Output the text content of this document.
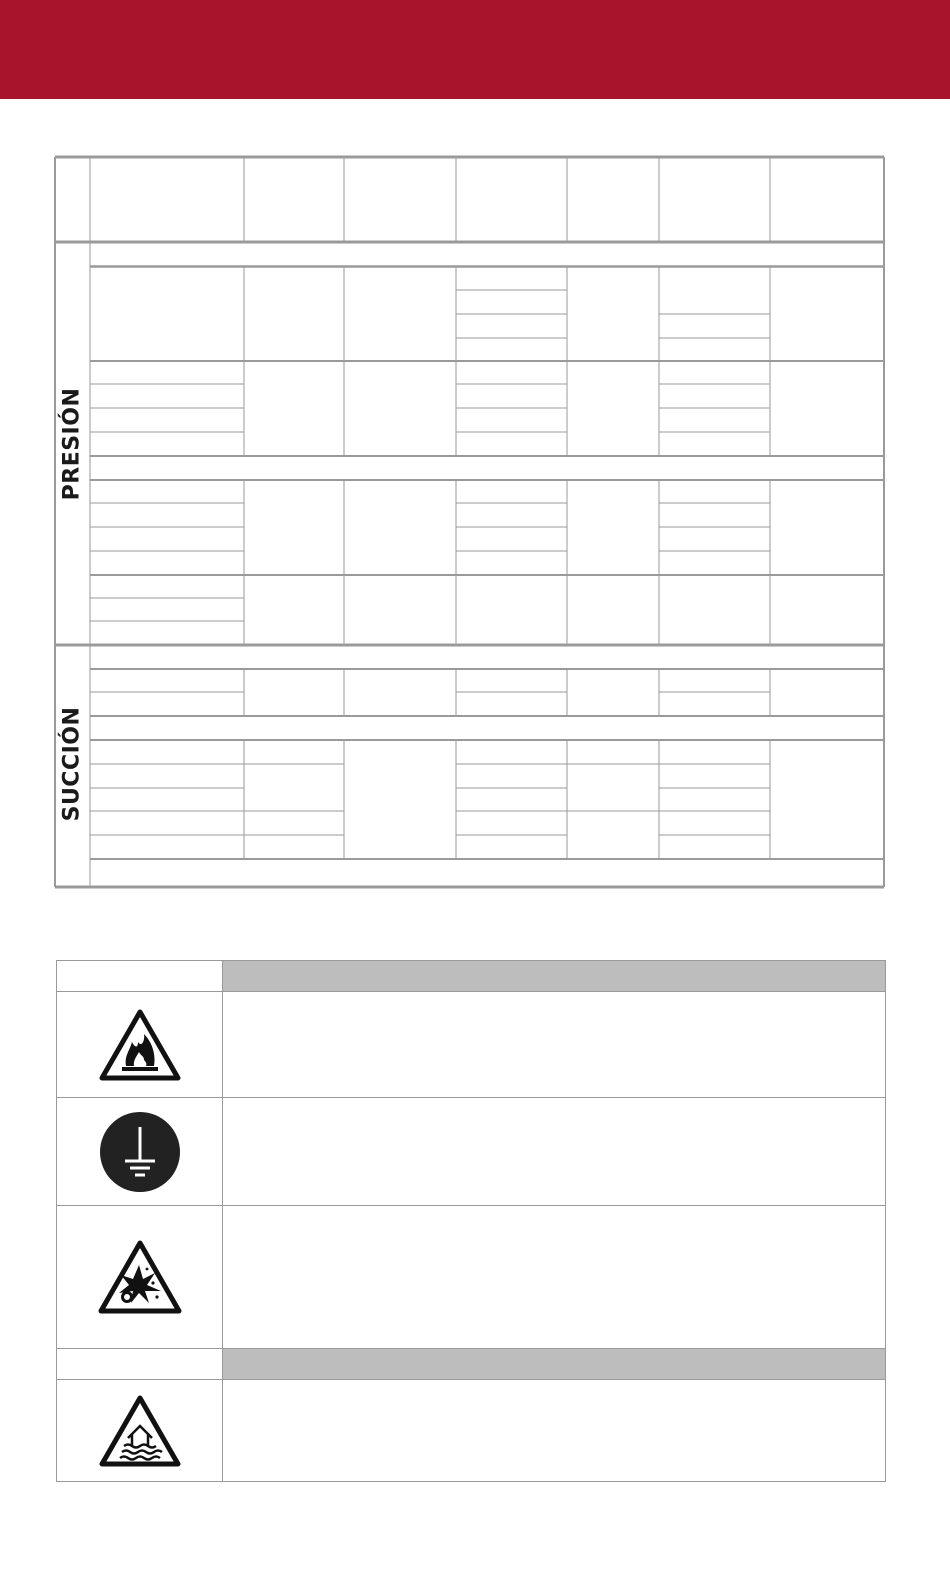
PRESIÓN
SUCCIÓN
